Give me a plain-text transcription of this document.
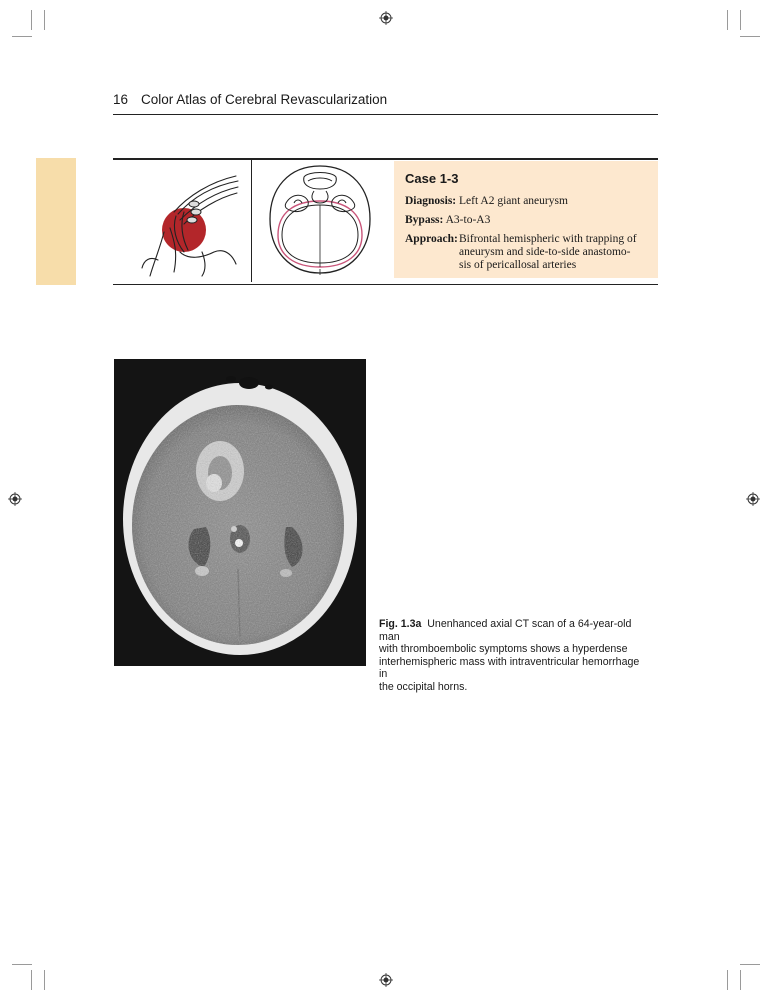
16 Color Atlas of Cerebral Revascularization
Case 1-3
Diagnosis: Left A2 giant aneurysm
Bypass: A3-to-A3
Approach: Bifrontal hemispheric with trapping of
aneurysm and side-to-side anastomo-
sis of pericallosal arteries
Fig. 1.3a Unenhanced axial CT scan of a 64-year-old man
with thromboembolic symptoms shows a hyperdense
interhemispheric mass with intraventricular hemorrhage in
the occipital horns.
